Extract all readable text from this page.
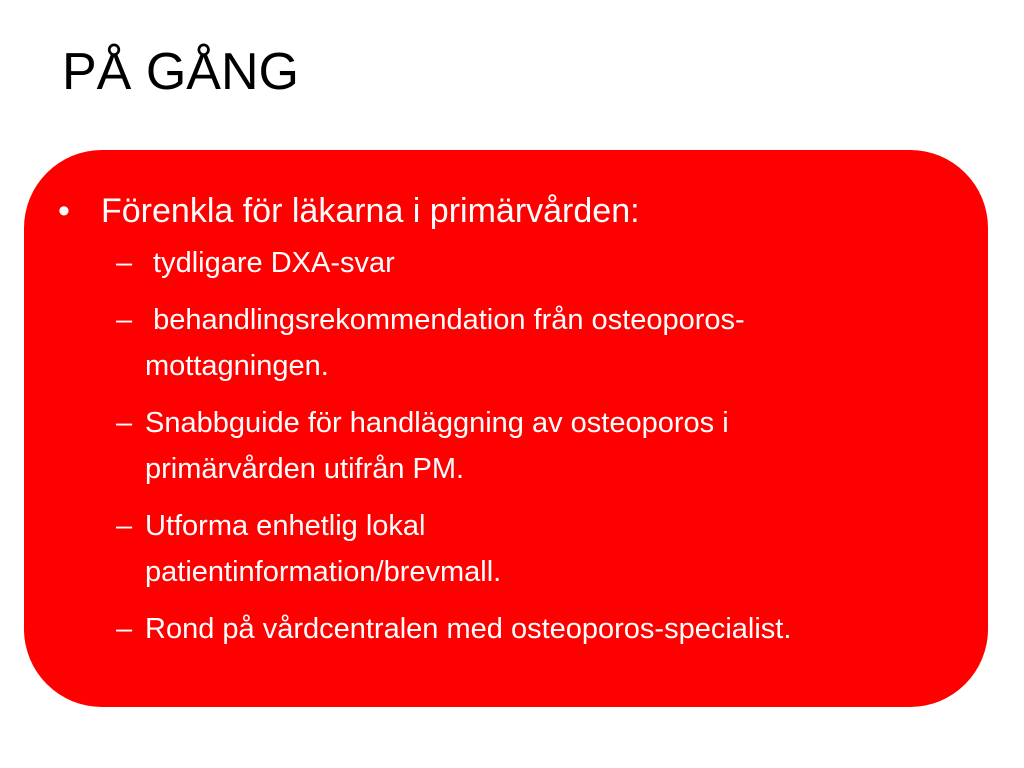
PÅ GÅNG
• Förenkla för läkarna i primärvården:
– tydligare DXA-svar
– behandlingsrekommendation från osteoporos-mottagningen.
– Snabbguide för handläggning av osteoporos i primärvården utifrån PM.
– Utforma enhetlig lokal patientinformation/brevmall.
– Rond på vårdcentralen med osteoporos-specialist.
